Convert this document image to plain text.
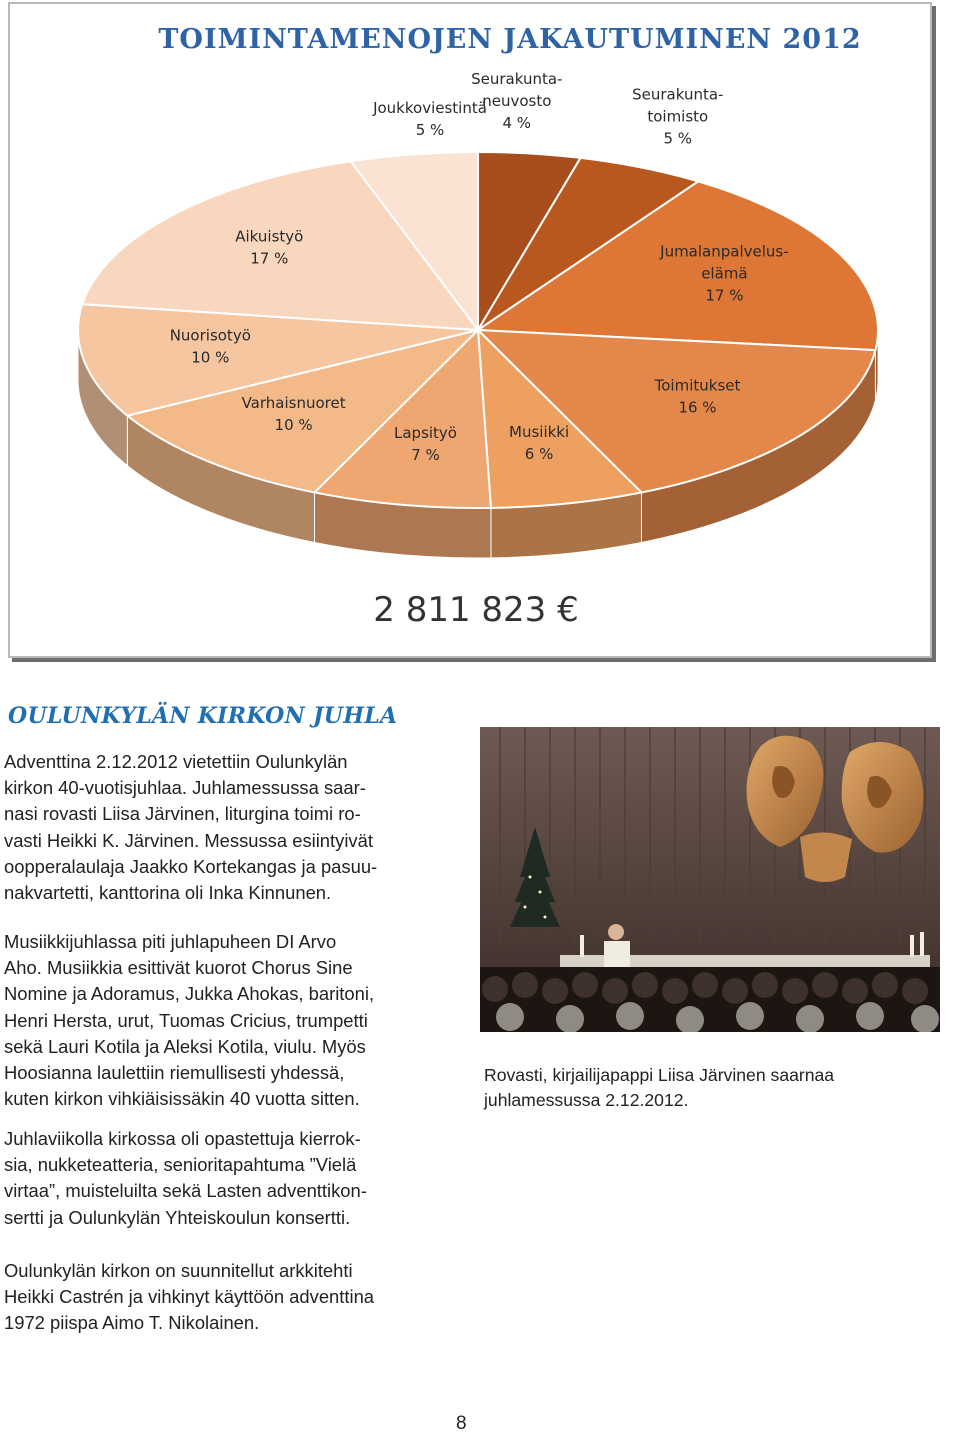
TOIMINTAMENOJEN JAKAUTUMINEN 2012
Seurakunta-neuvosto 4 %
Seurakunta-toimisto 5 %
Jumalanpalvelus-elämä 17 %
Toimitukset 16 %
Musiikki 6 %
Lapsityö 7 %
Varhaisnuoret 10 %
Nuorisotyö 10 %
Aikuistyö 17 %
Joukkoviestintä 5 %
2 811 823 €
OULUNKYLÄN KIRKON JUHLA
Adventtina 2.12.2012 vietettiin Oulunkylän
kirkon 40-vuotisjuhlaa. Juhlamessussa saar-
nasi rovasti Liisa Järvinen, liturgina toimi ro-
vasti Heikki K. Järvinen. Messussa esiintyivät
oopperalaulaja Jaakko Kortekangas ja pasuu-
nakvartetti, kanttorina oli Inka Kinnunen.
Musiikkijuhlassa piti juhlapuheen DI Arvo
Aho. Musiikkia esittivät kuorot Chorus Sine
Nomine ja Adoramus, Jukka Ahokas, baritoni,
Henri Hersta, urut, Tuomas Cricius, trumpetti
sekä Lauri Kotila ja Aleksi Kotila, viulu. Myös
Hoosianna laulettiin riemullisesti yhdessä,
kuten kirkon vihkiäisissäkin 40 vuotta sitten.
Juhlaviikolla kirkossa oli opastettuja kierrok-
sia, nukketeatteria, senioritapahtuma ”Vielä
virtaa”, muisteluilta sekä Lasten adventtikon-
sertti ja Oulunkylän Yhteiskoulun konsertti.
Oulunkylän kirkon on suunnitellut arkkitehti
Heikki Castrén ja vihkinyt käyttöön adventtina
1972 piispa Aimo T. Nikolainen.

Rovasti, kirjailijapappi Liisa Järvinen saarnaa
juhlamessussa 2.12.2012.

8
